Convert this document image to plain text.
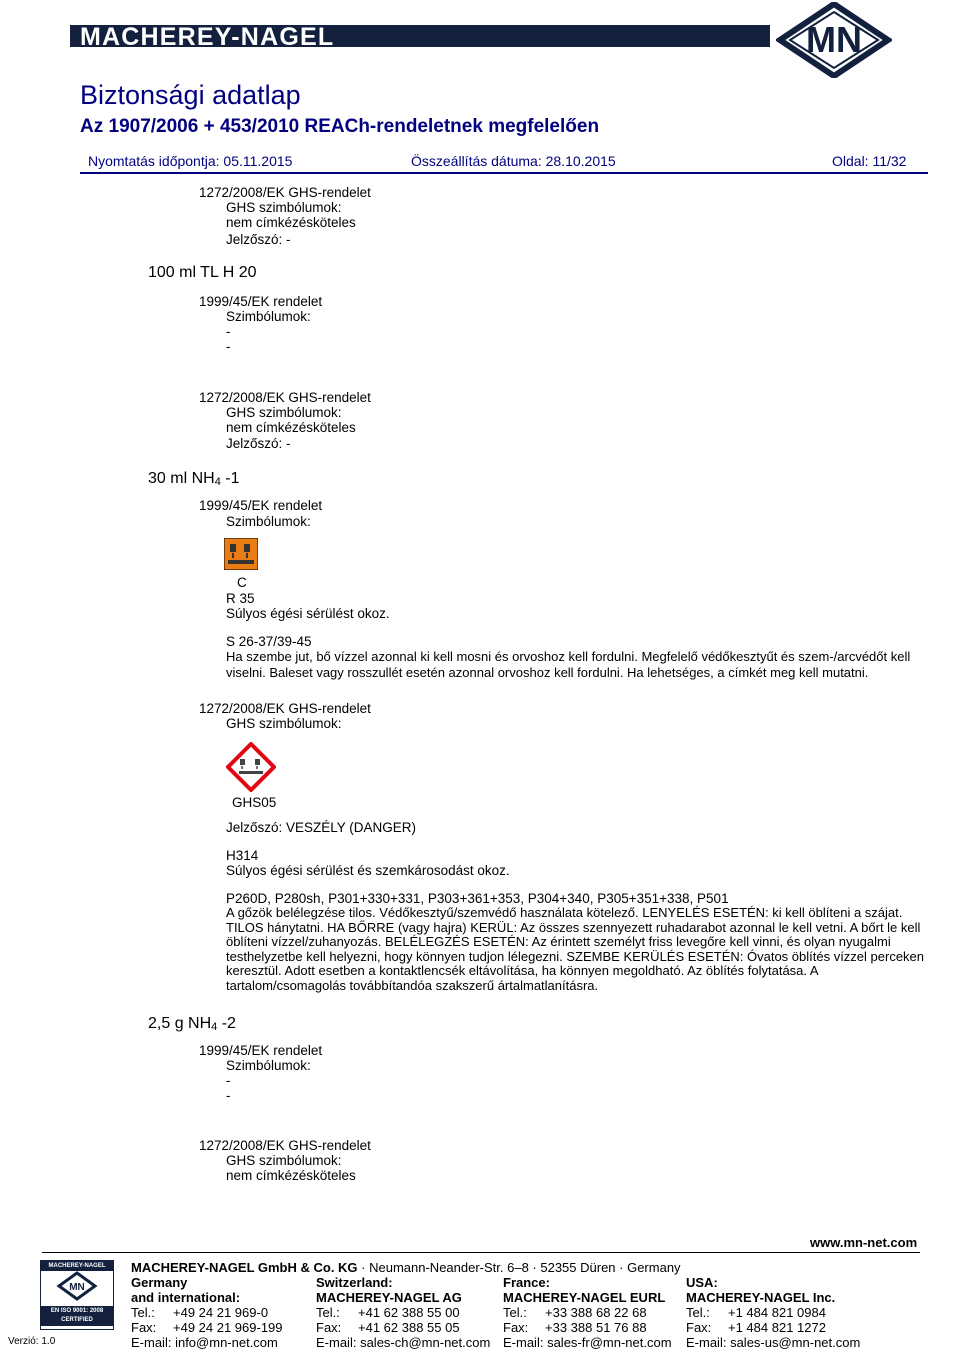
MACHEREY-NAGEL	MN
Biztonsági adatlap
Az 1907/2006 + 453/2010 REACh-rendeletnek megfelelően
Nyomtatás időpontja: 05.11.2015	Összeállítás dátuma: 28.10.2015	Oldal: 11/32
1272/2008/EK GHS-rendelet
GHS szimbólumok:
nem címkézésköteles
Jelzőszó: -
100 ml TL H 20
1999/45/EK rendelet
Szimbólumok:
-
-
1272/2008/EK GHS-rendelet
GHS szimbólumok:
nem címkézésköteles
Jelzőszó: -
30 ml NH4 -1
1999/45/EK rendelet
Szimbólumok:
C
R 35
Súlyos égési sérülést okoz.
S 26-37/39-45
Ha szembe jut, bő vízzel azonnal ki kell mosni és orvoshoz kell fordulni. Megfelelő védőkesztyűt és szem-/arcvédőt kell viselni. Baleset vagy rosszullét esetén azonnal orvoshoz kell fordulni. Ha lehetséges, a címkét meg kell mutatni.
1272/2008/EK GHS-rendelet
GHS szimbólumok:
GHS05
Jelzőszó: VESZÉLY (DANGER)
H314
Súlyos égési sérülést és szemkárosodást okoz.
P260D, P280sh, P301+330+331, P303+361+353, P304+340, P305+351+338, P501
A gőzök belélegzése tilos. Védőkesztyű/szemvédő használata kötelező. LENYELÉS ESETÉN: ki kell öblíteni a szájat. TILOS hánytatni. HA BŐRRE (vagy hajra) KERÜL: Az összes szennyezett ruhadarabot azonnal le kell vetni. A bőrt le kell öblíteni vízzel/zuhanyozás. BELÉLEGZÉS ESETÉN: Az érintett személyt friss levegőre kell vinni, és olyan nyugalmi testhelyzetbe kell helyezni, hogy könnyen tudjon lélegezni. SZEMBE KERÜLÉS ESETÉN: Óvatos öblítés vízzel perceken keresztül. Adott esetben a kontaktlencsék eltávolítása, ha könnyen megoldható. Az öblítés folytatása. A tartalom/csomagolás továbbítandóa szakszerű ártalmatlanításra.
2,5 g NH4 -2
1999/45/EK rendelet
Szimbólumok:
-
-
1272/2008/EK GHS-rendelet
GHS szimbólumok:
nem címkézésköteles
www.mn-net.com
MACHEREY-NAGEL
MN
EN ISO 9001: 2008
CERTIFIED
Verzió: 1.0
MACHEREY-NAGEL GmbH & Co. KG · Neumann-Neander-Str. 6–8 · 52355 Düren · Germany
Germany
and international:
Tel.: +49 24 21 969-0
Fax: +49 24 21 969-199
E-mail: info@mn-net.com
Switzerland:
MACHEREY-NAGEL AG
Tel.: +41 62 388 55 00
Fax: +41 62 388 55 05
E-mail: sales-ch@mn-net.com
France:
MACHEREY-NAGEL EURL
Tel.: +33 388 68 22 68
Fax: +33 388 51 76 88
E-mail: sales-fr@mn-net.com
USA:
MACHEREY-NAGEL Inc.
Tel.: +1 484 821 0984
Fax: +1 484 821 1272
E-mail: sales-us@mn-net.com
